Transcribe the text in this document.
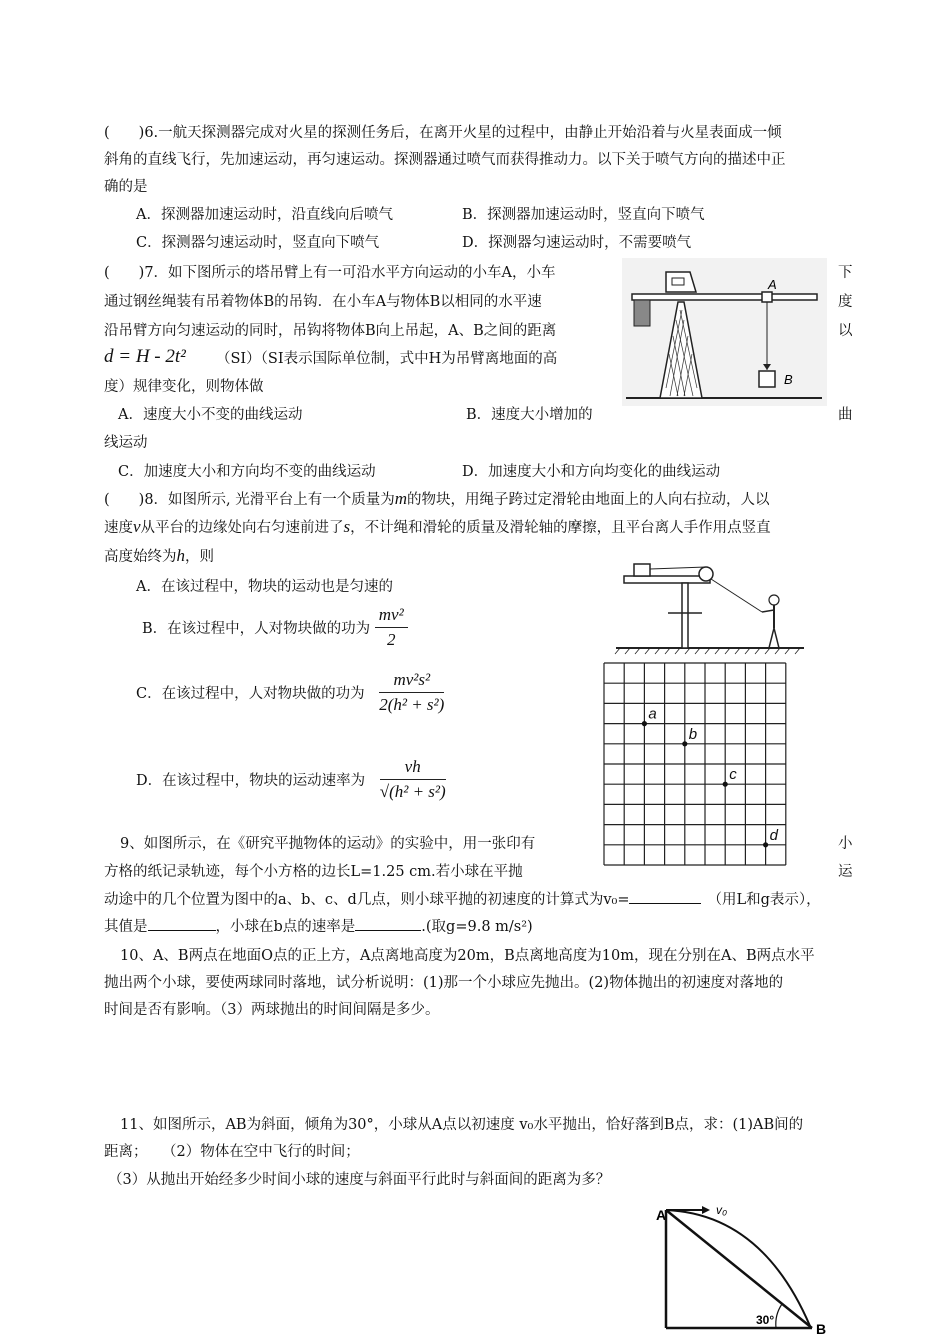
(　　)6.一航天探测器完成对火星的探测任务后，在离开火星的过程中，由静止开始沿着与火星表面成一倾
斜角的直线飞行，先加速运动，再匀速运动。探测器通过喷气而获得推动力。以下关于喷气方向的描述中正
确的是
A．探测器加速运动时，沿直线向后喷气	B．探测器加速运动时，竖直向下喷气
C．探测器匀速运动时，竖直向下喷气	D．探测器匀速运动时，不需要喷气
(　　)7．如下图所示的塔吊臂上有一可沿水平方向运动的小车A，小车	下
通过钢丝绳装有吊着物体B的吊钩．在小车A与物体B以相同的水平速	度
沿吊臂方向匀速运动的同时，吊钩将物体B向上吊起，A、B之间的距离	以
d = H - 2t² （SI）（SI表示国际单位制，式中H为吊臂离地面的高
度）规律变化，则物体做
A．速度大小不变的曲线运动	B．速度大小增加的	曲
线运动
C．加速度大小和方向均不变的曲线运动	D．加速度大小和方向均变化的曲线运动
A
B
(　　)8．如图所示, 光滑平台上有一个质量为m的物块，用绳子跨过定滑轮由地面上的人向右拉动，人以
速度v从平台的边缘处向右匀速前进了s，不计绳和滑轮的质量及滑轮轴的摩擦，且平台离人手作用点竖直
高度始终为h，则
A．在该过程中，物块的运动也是匀速的
B．在该过程中，人对物块做的功为 $\frac{\text{mv²}}{2}$
C．在该过程中，人对物块做的功为 $\frac{\text{mv²s²}}{\text{2(h² + s²)}}$
D．在该过程中，物块的运动速率为 $\frac{vh}{\text{√(h² + s²)}}$
a
b
c
d
9、如图所示，在《研究平抛物体的运动》的实验中，用一张印有	小
方格的纸记录轨迹，每个小方格的边长L=1.25 cm.若小球在平抛	运
动途中的几个位置为图中的a、b、c、d几点，则小球平抛的初速度的计算式为v₀=	（用L和g表示），
其值是	，小球在b点的速率是	.(取g=9.8 m/s²)
10、A、B两点在地面O点的正上方，A点离地高度为20m，B点离地高度为10m，现在分别在A、B两点水平
抛出两个小球，要使两球同时落地，试分析说明：(1)那一个小球应先抛出。(2)物体抛出的初速度对落地的
时间是否有影响。（3）两球抛出的时间间隔是多少。
11、如图所示，AB为斜面，倾角为30°，小球从A点以初速度 v₀水平抛出，恰好落到B点，求：(1)AB间的
距离；　　（2）物体在空中飞行的时间；
（3）从抛出开始经多少时间小球的速度与斜面平行此时与斜面间的距离为多？
A	v₀
30°
B
